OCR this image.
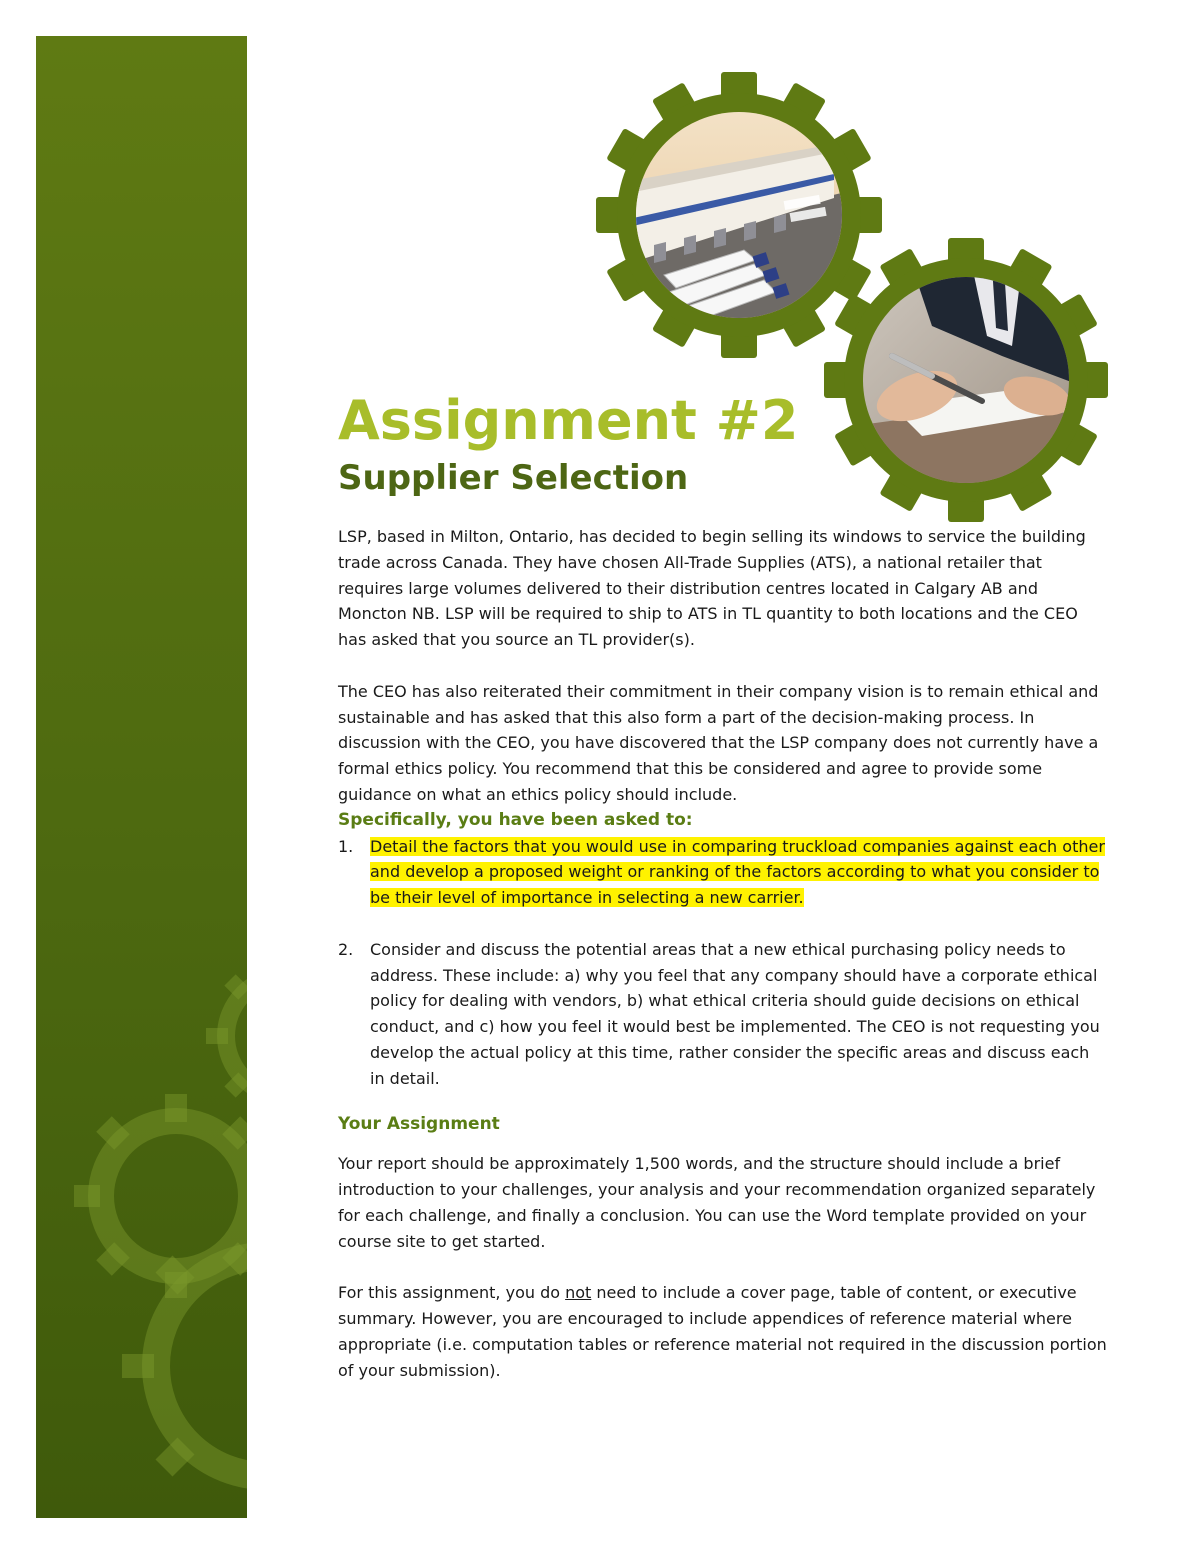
Assignment #2
Supplier Selection

LSP, based in Milton, Ontario, has decided to begin selling its windows to service the building trade across Canada. They have chosen All-Trade Supplies (ATS), a national retailer that requires large volumes delivered to their distribution centres located in Calgary AB and Moncton NB. LSP will be required to ship to ATS in TL quantity to both locations and the CEO has asked that you source an TL provider(s).

The CEO has also reiterated their commitment in their company vision is to remain ethical and sustainable and has asked that this also form a part of the decision-making process. In discussion with the CEO, you have discovered that the LSP company does not currently have a formal ethics policy. You recommend that this be considered and agree to provide some guidance on what an ethics policy should include.

Specifically, you have been asked to:

1. Detail the factors that you would use in comparing truckload companies against each other and develop a proposed weight or ranking of the factors according to what you consider to be their level of importance in selecting a new carrier.
2. Consider and discuss the potential areas that a new ethical purchasing policy needs to address. These include: a) why you feel that any company should have a corporate ethical policy for dealing with vendors, b) what ethical criteria should guide decisions on ethical conduct, and c) how you feel it would best be implemented. The CEO is not requesting you develop the actual policy at this time, rather consider the specific areas and discuss each in detail.

Your Assignment

Your report should be approximately 1,500 words, and the structure should include a brief introduction to your challenges, your analysis and your recommendation organized separately for each challenge, and finally a conclusion. You can use the Word template provided on your course site to get started.

For this assignment, you do not need to include a cover page, table of content, or executive summary. However, you are encouraged to include appendices of reference material where appropriate (i.e. computation tables or reference material not required in the discussion portion of your submission).
